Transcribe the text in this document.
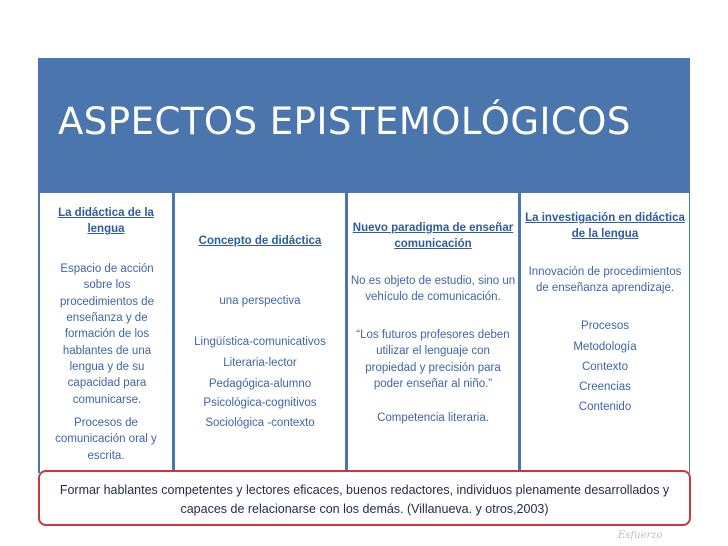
ASPECTOS EPISTEMOLÓGICOS

La didáctica de la lengua

Espacio de acción sobre los procedimientos de enseñanza y de formación de los hablantes de una lengua y de su capacidad para comunicarse.

Procesos de comunicación oral y escrita.

Concepto de didáctica

una perspectiva

Lingüística-comunicativos

Literaria-lector

Pedagógica-alumno

Psicológica-cognitivos

Sociológica -contexto

Nuevo paradigma de enseñar comunicación

No es objeto de estudio, sino un vehículo de comunicación.

“Los futuros profesores deben utilizar el lenguaje con propiedad y precisión para poder enseñar al niño.”

Competencia literaria.

La investigación en didáctica de la lengua

Innovación de procedimientos de enseñanza aprendizaje.

Procesos

Metodología

Contexto

Creencias

Contenido

Formar hablantes competentes y lectores eficaces, buenos redactores, individuos plenamente desarrollados y capaces de relacionarse con los demás. (Villanueva. y otros,2003)
Esfuerzo
